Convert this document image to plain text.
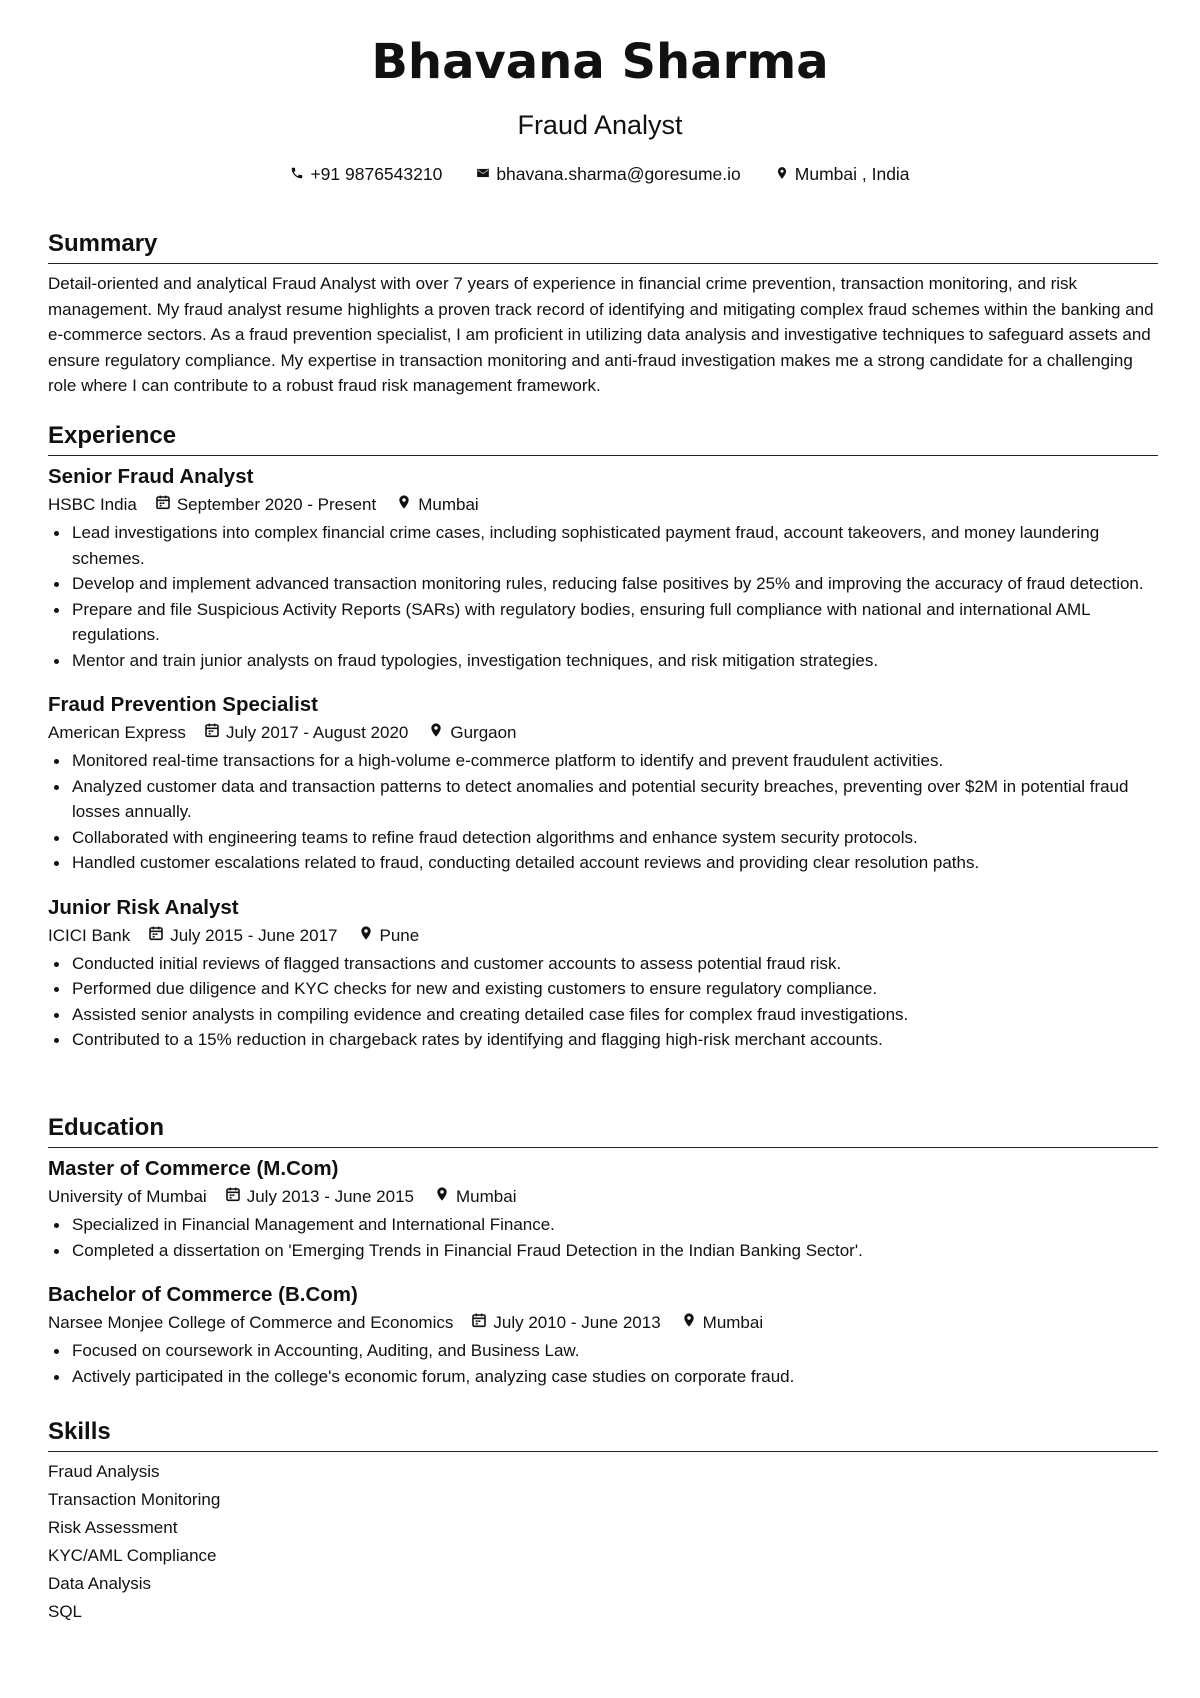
Bhavana Sharma
Fraud Analyst
+91 9876543210	bhavana.sharma@goresume.io	Mumbai , India
Summary

Detail-oriented and analytical Fraud Analyst with over 7 years of experience in financial crime prevention, transaction monitoring, and risk management. My fraud analyst resume highlights a proven track record of identifying and mitigating complex fraud schemes within the banking and e-commerce sectors. As a fraud prevention specialist, I am proficient in utilizing data analysis and investigative techniques to safeguard assets and ensure regulatory compliance. My expertise in transaction monitoring and anti-fraud investigation makes me a strong candidate for a challenging role where I can contribute to a robust fraud risk management framework.

Experience
Senior Fraud Analyst
HSBC India September 2020 - Present Mumbai
Lead investigations into complex financial crime cases, including sophisticated payment fraud, account takeovers, and money laundering schemes.
Develop and implement advanced transaction monitoring rules, reducing false positives by 25% and improving the accuracy of fraud detection.
Prepare and file Suspicious Activity Reports (SARs) with regulatory bodies, ensuring full compliance with national and international AML regulations.
Mentor and train junior analysts on fraud typologies, investigation techniques, and risk mitigation strategies.
Fraud Prevention Specialist
American Express July 2017 - August 2020 Gurgaon
Monitored real-time transactions for a high-volume e-commerce platform to identify and prevent fraudulent activities.
Analyzed customer data and transaction patterns to detect anomalies and potential security breaches, preventing over $2M in potential fraud losses annually.
Collaborated with engineering teams to refine fraud detection algorithms and enhance system security protocols.
Handled customer escalations related to fraud, conducting detailed account reviews and providing clear resolution paths.
Junior Risk Analyst
ICICI Bank July 2015 - June 2017 Pune
Conducted initial reviews of flagged transactions and customer accounts to assess potential fraud risk.
Performed due diligence and KYC checks for new and existing customers to ensure regulatory compliance.
Assisted senior analysts in compiling evidence and creating detailed case files for complex fraud investigations.
Contributed to a 15% reduction in chargeback rates by identifying and flagging high-risk merchant accounts.
Education
Master of Commerce (M.Com)
University of Mumbai July 2013 - June 2015 Mumbai
Specialized in Financial Management and International Finance.
Completed a dissertation on 'Emerging Trends in Financial Fraud Detection in the Indian Banking Sector'.
Bachelor of Commerce (B.Com)
Narsee Monjee College of Commerce and Economics July 2010 - June 2013 Mumbai
Focused on coursework in Accounting, Auditing, and Business Law.
Actively participated in the college's economic forum, analyzing case studies on corporate fraud.
Skills
Fraud Analysis
Transaction Monitoring
Risk Assessment
KYC/AML Compliance
Data Analysis
SQL
